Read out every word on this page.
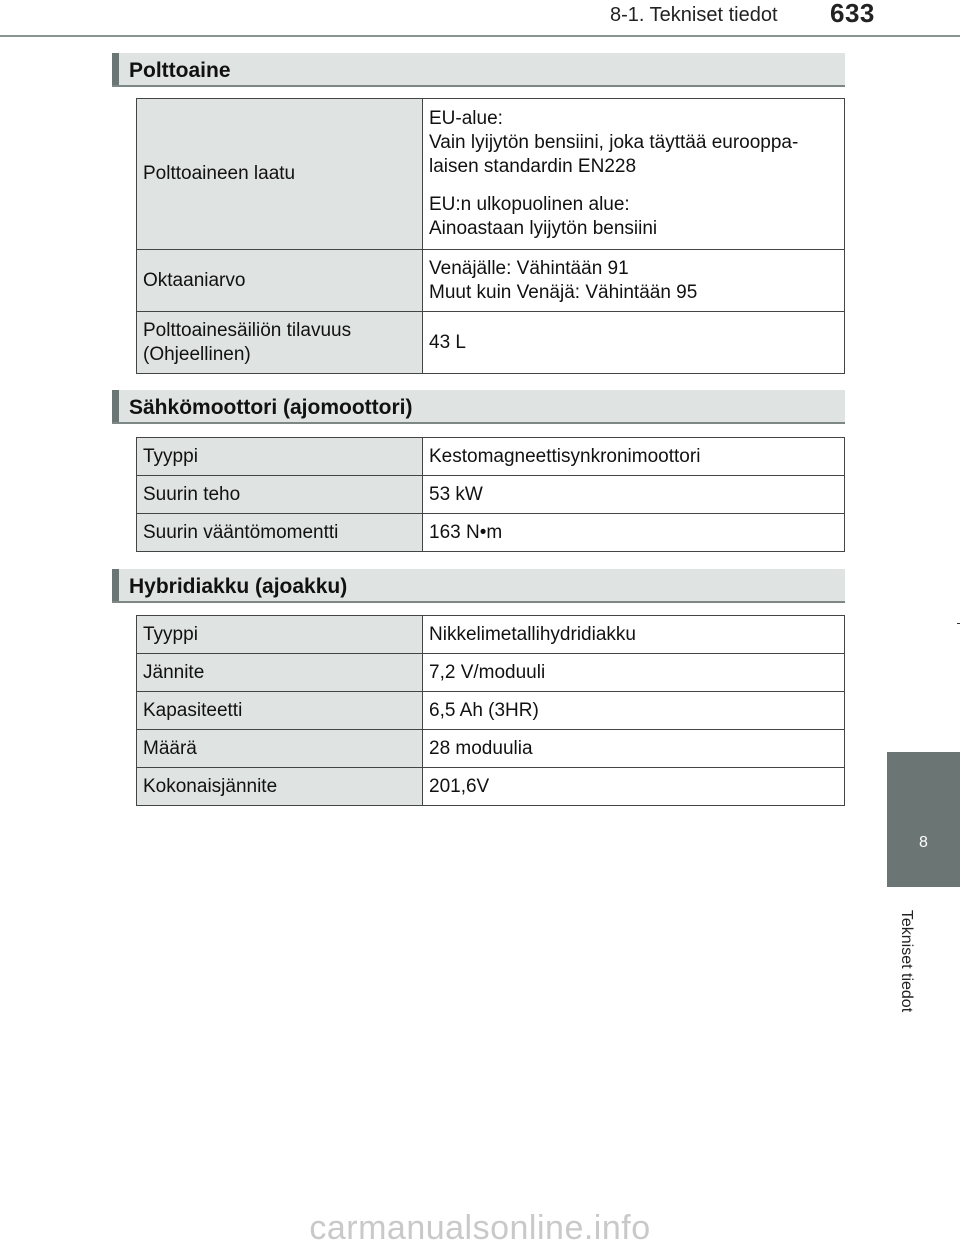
8-1. Tekniset tiedot 633
8
Tekniset tiedot
Polttoaine
Polttoaineen laatu	EU-alue:
Vain lyijytön bensiini, joka täyttää eurooppa-laisen standardin EN228
EU:n ulkopuolinen alue:
Ainoastaan lyijytön bensiini

Oktaaniarvo	Venäjälle: Vähintään 91
Muut kuin Venäjä: Vähintään 95

Polttoainesäiliön tilavuus
(Ohjeellinen)	43 L
Sähkömoottori (ajomoottori)
Tyyppi	Kestomagneettisynkronimoottori
Suurin teho	53 kW
Suurin vääntömomentti	163 N•m
Hybridiakku (ajoakku)
Tyyppi	Nikkelimetallihydridiakku
Jännite	7,2 V/moduuli
Kapasiteetti	6,5 Ah (3HR)
Määrä	28 moduulia
Kokonaisjännite	201,6V
carmanualsonline.info
